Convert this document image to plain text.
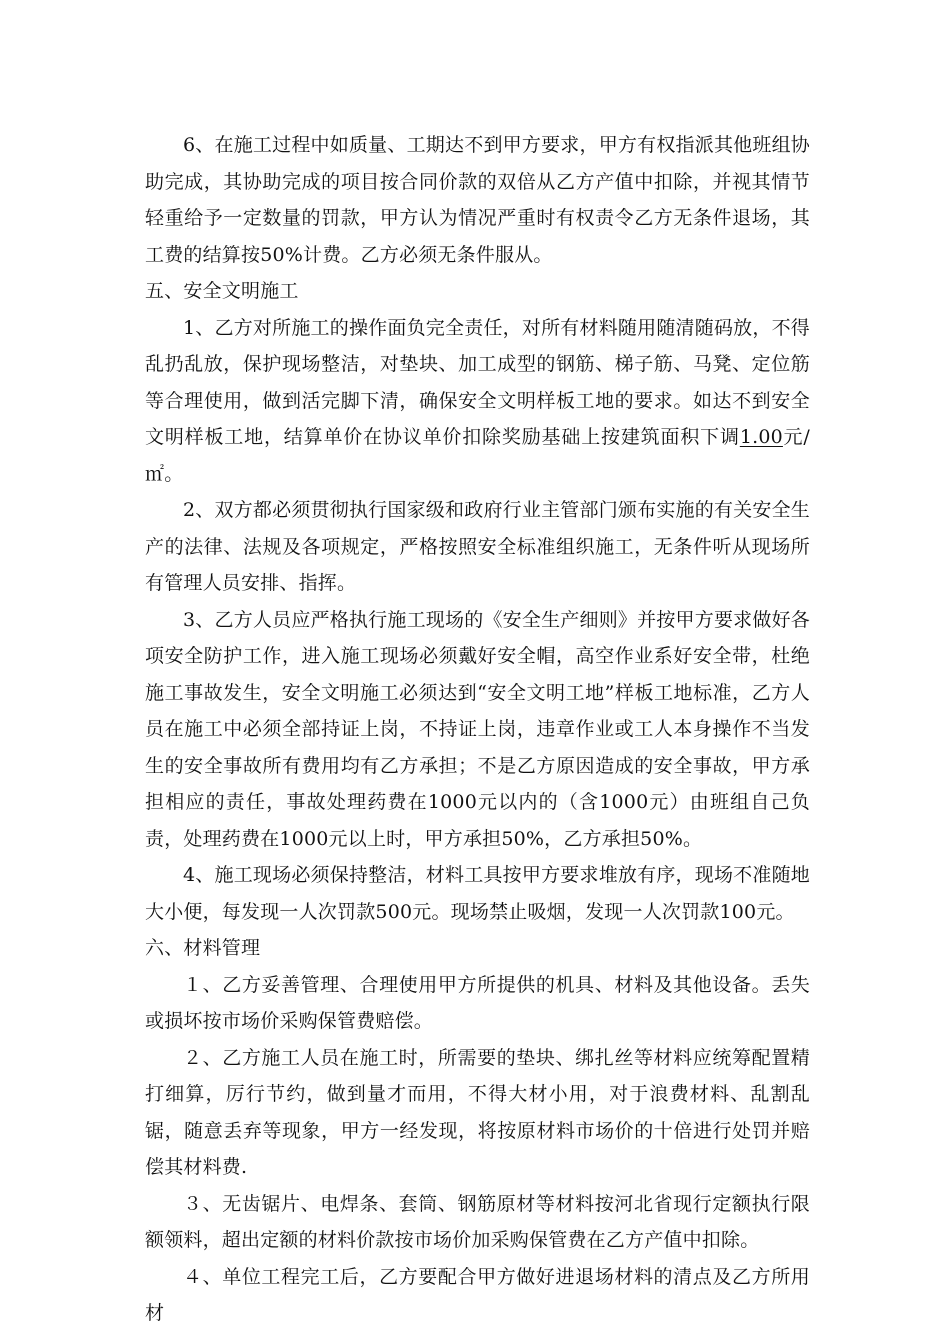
6、在施工过程中如质量、工期达不到甲方要求，甲方有权指派其他班组协助完成，其协助完成的项目按合同价款的双倍从乙方产值中扣除，并视其情节轻重给予一定数量的罚款，甲方认为情况严重时有权责令乙方无条件退场，其工费的结算按50%计费。乙方必须无条件服从。

五、安全文明施工

1、乙方对所施工的操作面负完全责任，对所有材料随用随清随码放，不得乱扔乱放，保护现场整洁，对垫块、加工成型的钢筋、梯子筋、马凳、定位筋等合理使用，做到活完脚下清，确保安全文明样板工地的要求。如达不到安全文明样板工地，结算单价在协议单价扣除奖励基础上按建筑面积下调1.00元/㎡。

2、双方都必须贯彻执行国家级和政府行业主管部门颁布实施的有关安全生产的法律、法规及各项规定，严格按照安全标准组织施工，无条件听从现场所有管理人员安排、指挥。

3、乙方人员应严格执行施工现场的《安全生产细则》并按甲方要求做好各项安全防护工作，进入施工现场必须戴好安全帽，高空作业系好安全带，杜绝施工事故发生，安全文明施工必须达到“安全文明工地”样板工地标准，乙方人员在施工中必须全部持证上岗，不持证上岗，违章作业或工人本身操作不当发生的安全事故所有费用均有乙方承担；不是乙方原因造成的安全事故，甲方承担相应的责任，事故处理药费在1000元以内的（含1000元）由班组自己负责，处理药费在1000元以上时，甲方承担50%，乙方承担50%。

4、施工现场必须保持整洁，材料工具按甲方要求堆放有序，现场不准随地大小便，每发现一人次罚款500元。现场禁止吸烟，发现一人次罚款100元。

六、材料管理

１、乙方妥善管理、合理使用甲方所提供的机具、材料及其他设备。丢失或损坏按市场价采购保管费赔偿。

２、乙方施工人员在施工时，所需要的垫块、绑扎丝等材料应统筹配置精打细算，厉行节约，做到量才而用，不得大材小用，对于浪费材料、乱割乱锯，随意丢弃等现象，甲方一经发现，将按原材料市场价的十倍进行处罚并赔偿其材料费.

３、无齿锯片、电焊条、套筒、钢筋原材等材料按河北省现行定额执行限额领料，超出定额的材料价款按市场价加采购保管费在乙方产值中扣除。

４、单位工程完工后，乙方要配合甲方做好进退场材料的清点及乙方所用材
